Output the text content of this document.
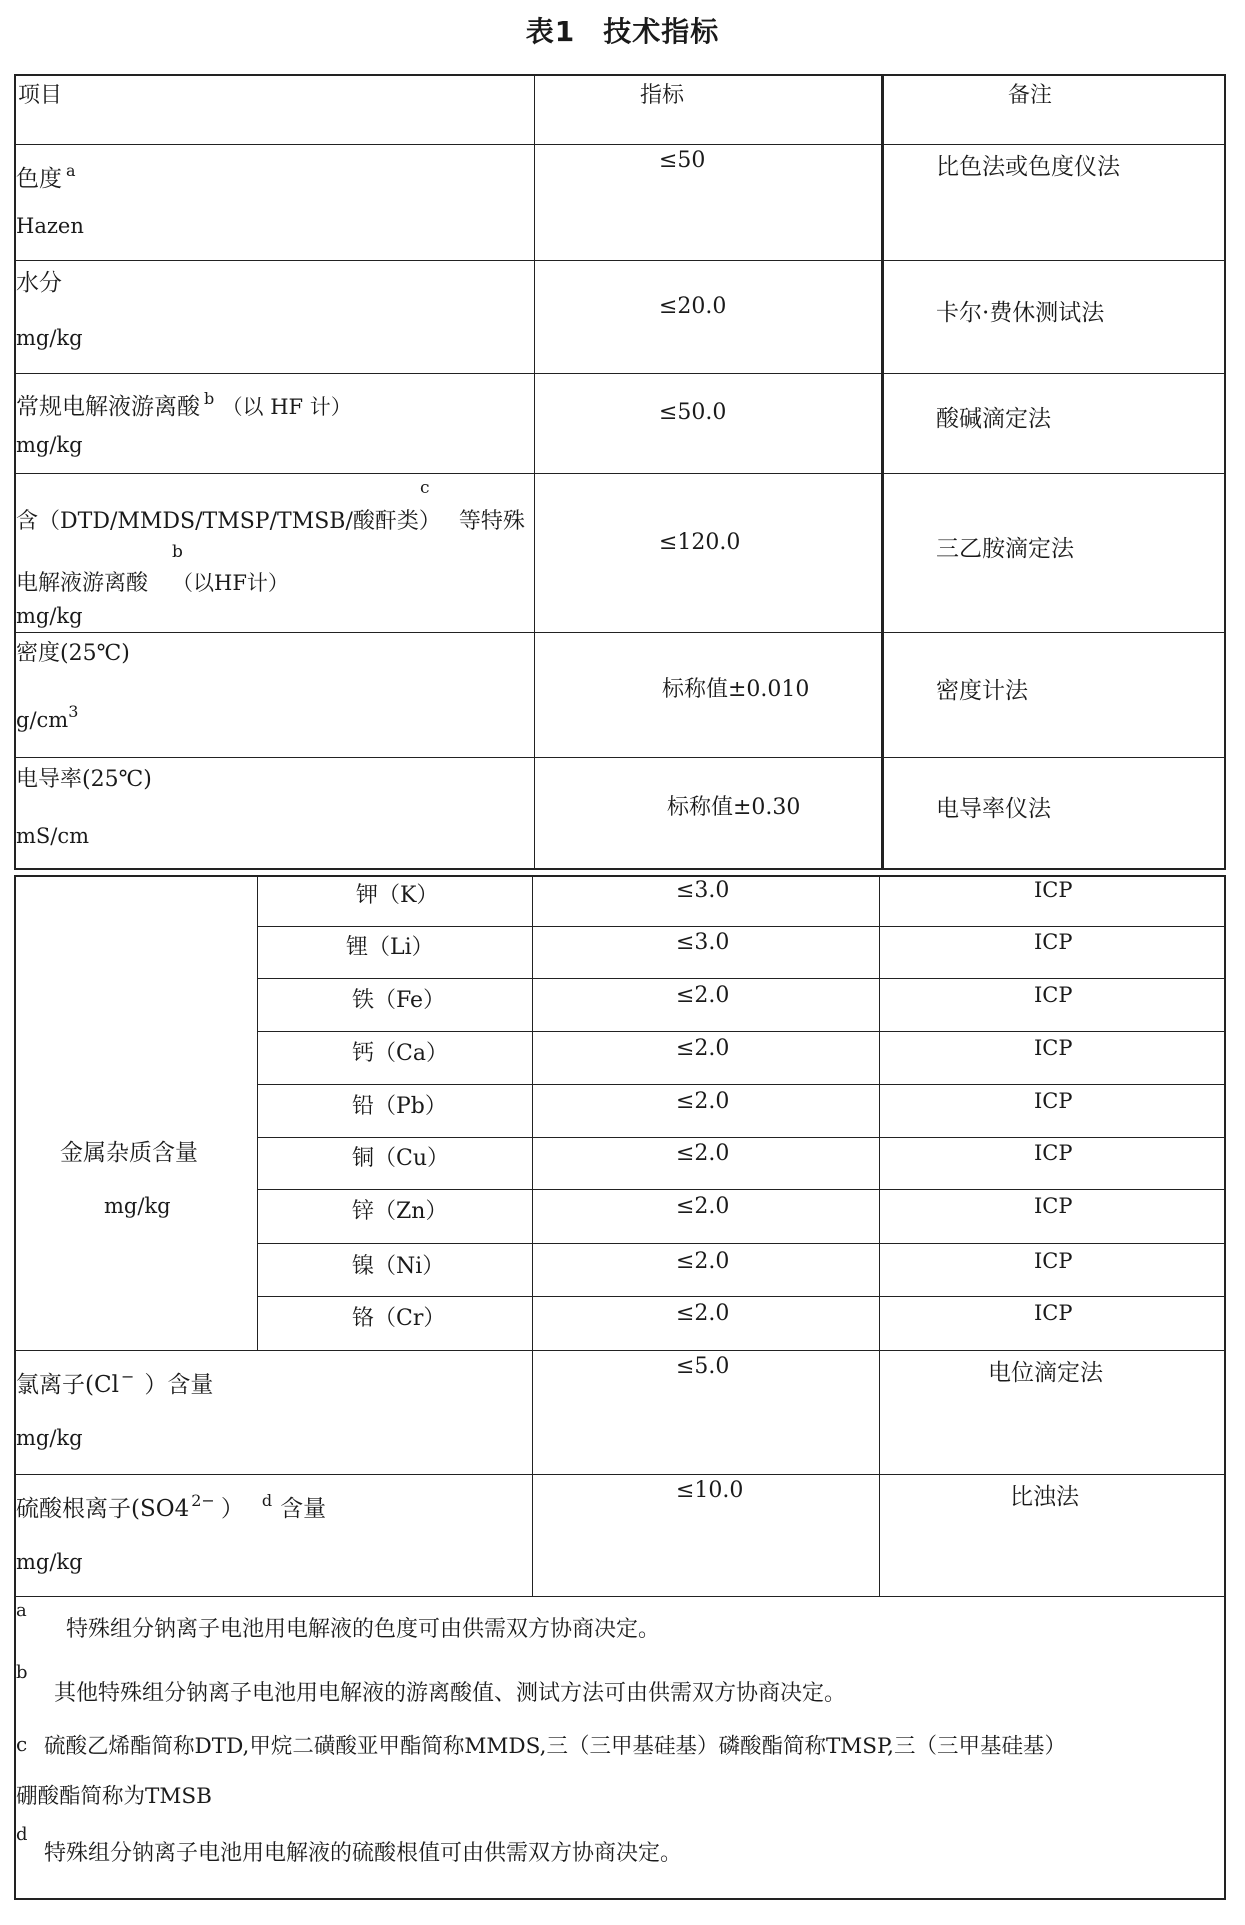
表1 技术指标
项目	指标	备注
色度 $^a$
Hazen
≤50	比色法或色度仪法
水分
mg/kg
≤20.0	卡尔·费休测试法
常规电解液游离酸 $^b$ （以 HF 计）
mg/kg
≤50.0	酸碱滴定法
c
含（DTD/MMDS/TMSP/TMSB/酸酐类） 等特殊
b
电解液游离酸 （以HF计）
mg/kg
≤120.0	三乙胺滴定法
密度(25℃)
$g/cm^3$
标称值±0.010	密度计法
电导率(25℃)
mS/cm
标称值±0.30	电导率仪法
金属杂质含量
mg/kg
钾（K）	≤3.0	ICP
锂（Li）	≤3.0	ICP
铁（Fe）	≤2.0	ICP
钙（Ca）	≤2.0	ICP
铅（Pb）	≤2.0	ICP
铜（Cu）	≤2.0	ICP
锌（Zn）	≤2.0	ICP
镍（Ni）	≤2.0	ICP
铬（Cr）	≤2.0	ICP
氯离子(Cl − ）含量
mg/kg
≤5.0	电位滴定法
硫酸根离子(SO4 $^{2-}$ ） $^d$ 含量
mg/kg
≤10.0	比浊法
a
特殊组分钠离子电池用电解液的色度可由供需双方协商决定。
b
其他特殊组分钠离子电池用电解液的游离酸值、测试方法可由供需双方协商决定。
c 硫酸乙烯酯简称DTD,甲烷二磺酸亚甲酯简称MMDS,三（三甲基硅基）磷酸酯简称TMSP,三（三甲基硅基）
硼酸酯简称为TMSB
d
特殊组分钠离子电池用电解液的硫酸根值可由供需双方协商决定。
